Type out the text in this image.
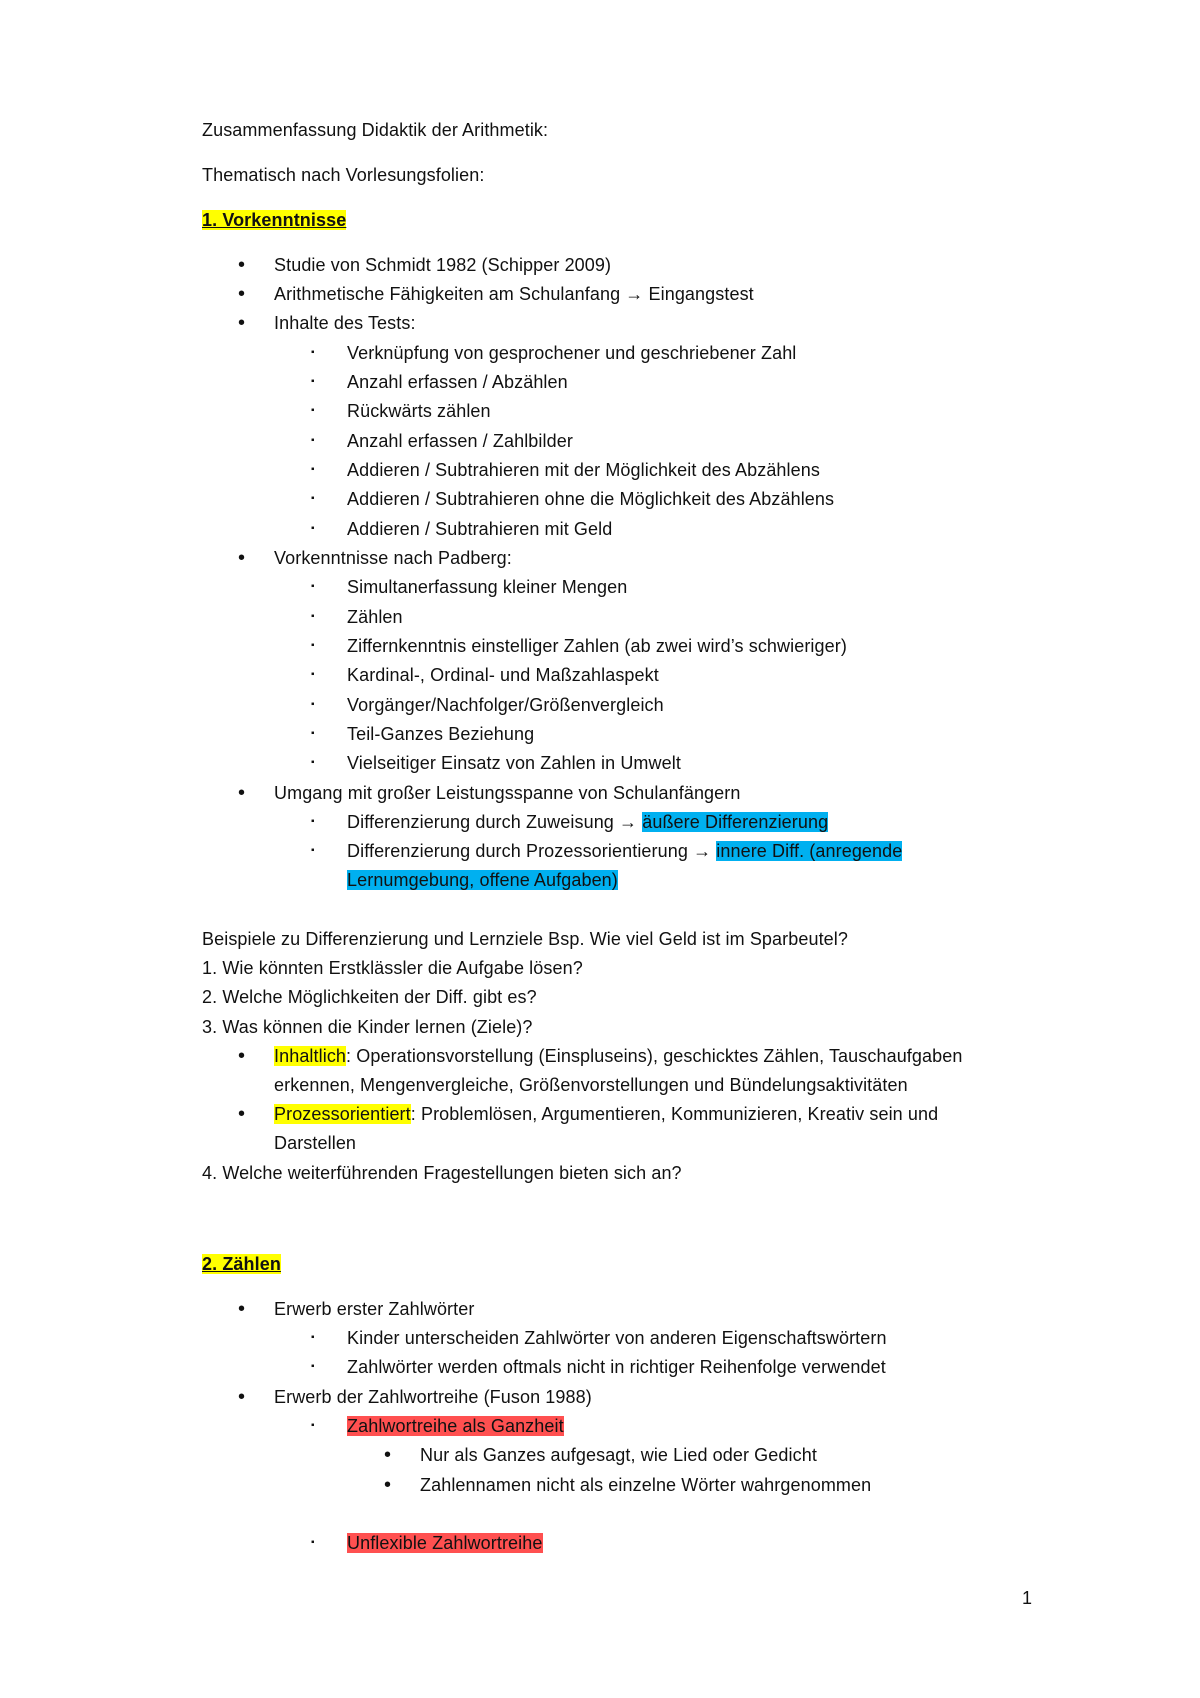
Zusammenfassung Didaktik der Arithmetik:
Thematisch nach Vorlesungsfolien:
1. Vorkenntnisse
• Studie von Schmidt 1982 (Schipper 2009)
• Arithmetische Fähigkeiten am Schulanfang → Eingangstest
• Inhalte des Tests:
▪ Verknüpfung von gesprochener und geschriebener Zahl
▪ Anzahl erfassen / Abzählen
▪ Rückwärts zählen
▪ Anzahl erfassen / Zahlbilder
▪ Addieren / Subtrahieren mit der Möglichkeit des Abzählens
▪ Addieren / Subtrahieren ohne die Möglichkeit des Abzählens
▪ Addieren / Subtrahieren mit Geld
• Vorkenntnisse nach Padberg:
▪ Simultanerfassung kleiner Mengen
▪ Zählen
▪ Ziffernkenntnis einstelliger Zahlen (ab zwei wird’s schwieriger)
▪ Kardinal-, Ordinal- und Maßzahlaspekt
▪ Vorgänger/Nachfolger/Größenvergleich
▪ Teil-Ganzes Beziehung
▪ Vielseitiger Einsatz von Zahlen in Umwelt
• Umgang mit großer Leistungsspanne von Schulanfängern
▪ Differenzierung durch Zuweisung → äußere Differenzierung
▪ Differenzierung durch Prozessorientierung → innere Diff. (anregende
Lernumgebung, offene Aufgaben)
Beispiele zu Differenzierung und Lernziele Bsp. Wie viel Geld ist im Sparbeutel?
1. Wie könnten Erstklässler die Aufgabe lösen?
2. Welche Möglichkeiten der Diff. gibt es?
3. Was können die Kinder lernen (Ziele)?
• Inhaltlich: Operationsvorstellung (Einspluseins), geschicktes Zählen, Tauschaufgaben
erkennen, Mengenvergleiche, Größenvorstellungen und Bündelungsaktivitäten
• Prozessorientiert: Problemlösen, Argumentieren, Kommunizieren, Kreativ sein und
Darstellen
4. Welche weiterführenden Fragestellungen bieten sich an?
2. Zählen
• Erwerb erster Zahlwörter
▪ Kinder unterscheiden Zahlwörter von anderen Eigenschaftswörtern
▪ Zahlwörter werden oftmals nicht in richtiger Reihenfolge verwendet
• Erwerb der Zahlwortreihe (Fuson 1988)
▪ Zahlwortreihe als Ganzheit
• Nur als Ganzes aufgesagt, wie Lied oder Gedicht
• Zahlennamen nicht als einzelne Wörter wahrgenommen
▪ Unflexible Zahlwortreihe
1
